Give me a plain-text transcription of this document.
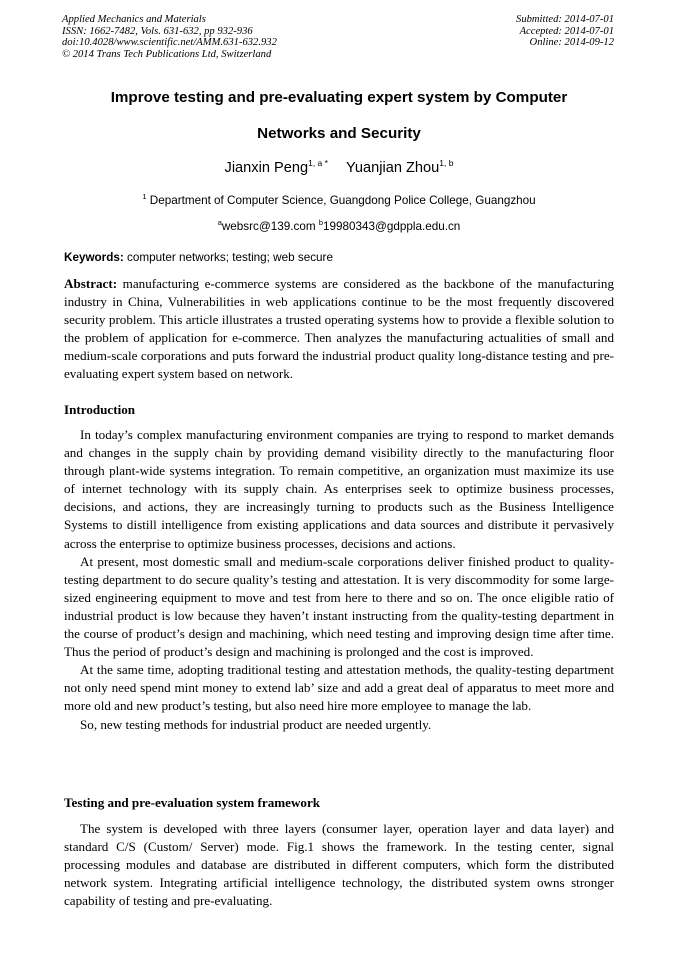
Applied Mechanics and Materials
ISSN: 1662-7482, Vols. 631-632, pp 932-936
doi:10.4028/www.scientific.net/AMM.631-632.932
© 2014 Trans Tech Publications Ltd, Switzerland
Submitted: 2014-07-01
Accepted: 2014-07-01
Online: 2014-09-12
Improve testing and pre-evaluating expert system by Computer
Networks and Security
Jianxin Peng$^{1, a *}$ Yuanjian Zhou$^{1, b}$
$^1$ Department of Computer Science, Guangdong Police College, Guangzhou
$^a$websrc@139.com $^b$19980343@gdppla.edu.cn
Keywords: computer networks; testing; web secure

Abstract: manufacturing e-commerce systems are considered as the backbone of the manufacturing industry in China, Vulnerabilities in web applications continue to be the most frequently discovered security problem. This article illustrates a trusted operating systems how to provide a flexible solution to the problem of application for e-commerce. Then analyzes the manufacturing actualities of small and medium-scale corporations and puts forward the industrial product quality long-distance testing and pre-evaluating expert system based on network.

Introduction

In today’s complex manufacturing environment companies are trying to respond to market demands and changes in the supply chain by providing demand visibility directly to the manufacturing floor through plant-wide systems integration. To remain competitive, an organization must maximize its use of internet technology with its supply chain. As enterprises seek to optimize business processes, decisions, and actions, they are increasingly turning to products such as the Business Intelligence Systems to distill intelligence from existing applications and data sources and distribute it pervasively across the enterprise to optimize business processes, decisions and actions.

At present, most domestic small and medium-scale corporations deliver finished product to quality-testing department to do secure quality’s testing and attestation. It is very discommodity for some large-sized engineering equipment to move and test from here to there and so on. The once eligible ratio of industrial product is low because they haven’t instant instructing from the quality-testing department in the course of product’s design and machining, which need testing and improving design time after time. Thus the period of product’s design and machining is prolonged and the cost is improved.

At the same time, adopting traditional testing and attestation methods, the quality-testing department not only need spend mint money to extend lab’ size and add a great deal of apparatus to meet more and more old and new product’s testing, but also need hire more employee to manage the lab.

So, new testing methods for industrial product are needed urgently.

Testing and pre-evaluation system framework

The system is developed with three layers (consumer layer, operation layer and data layer) and standard C/S (Custom/ Server) mode. Fig.1 shows the framework. In the testing center, signal processing modules and database are distributed in different computers, which form the distributed network system. Integrating artificial intelligence technology, the distributed system owns stronger capability of testing and pre-evaluating.
